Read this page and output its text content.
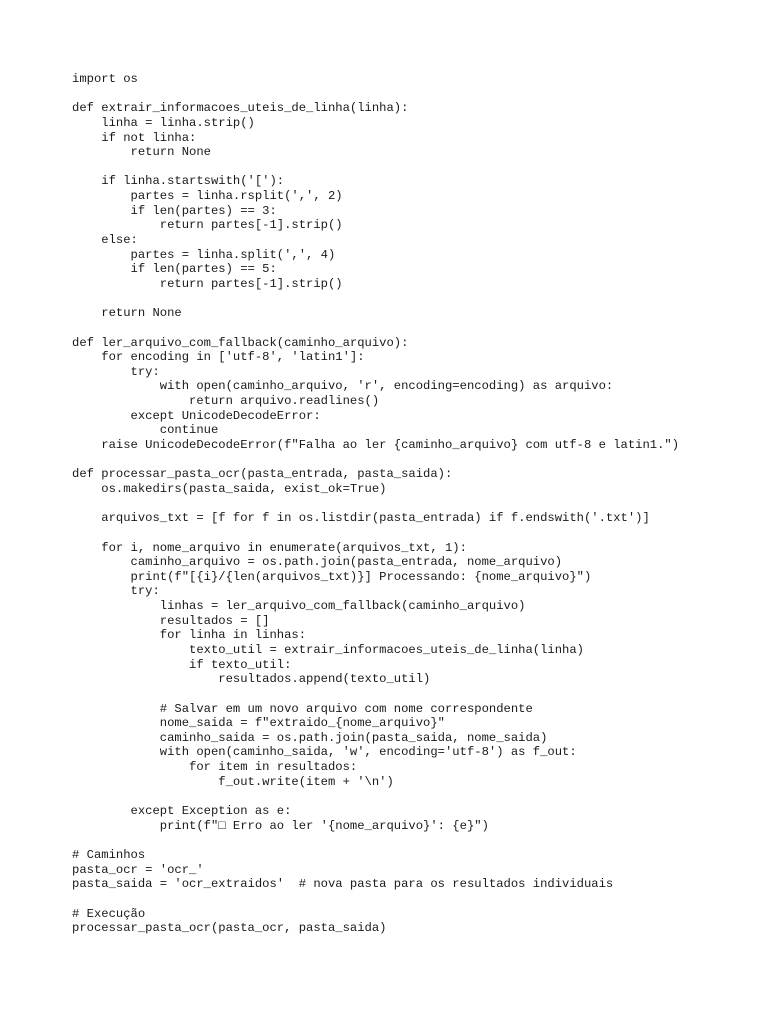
import os
def extrair_informacoes_uteis_de_linha(linha):
linha = linha.strip()
if not linha:
return None
if linha.startswith('['):
partes = linha.rsplit(',', 2)
if len(partes) == 3:
return partes[-1].strip()
else:
partes = linha.split(',', 4)
if len(partes) == 5:
return partes[-1].strip()
return None
def ler_arquivo_com_fallback(caminho_arquivo):
for encoding in ['utf-8', 'latin1']:
try:
with open(caminho_arquivo, 'r', encoding=encoding) as arquivo:
return arquivo.readlines()
except UnicodeDecodeError:
continue
raise UnicodeDecodeError(f"Falha ao ler {caminho_arquivo} com utf-8 e latin1.")
def processar_pasta_ocr(pasta_entrada, pasta_saida):
os.makedirs(pasta_saida, exist_ok=True)
arquivos_txt = [f for f in os.listdir(pasta_entrada) if f.endswith('.txt')]
for i, nome_arquivo in enumerate(arquivos_txt, 1):
caminho_arquivo = os.path.join(pasta_entrada, nome_arquivo)
print(f"[{i}/{len(arquivos_txt)}] Processando: {nome_arquivo}")
try:
linhas = ler_arquivo_com_fallback(caminho_arquivo)
resultados = []
for linha in linhas:
texto_util = extrair_informacoes_uteis_de_linha(linha)
if texto_util:
resultados.append(texto_util)
# Salvar em um novo arquivo com nome correspondente
nome_saida = f"extraido_{nome_arquivo}"
caminho_saida = os.path.join(pasta_saida, nome_saida)
with open(caminho_saida, 'w', encoding='utf-8') as f_out:
for item in resultados:
f_out.write(item + '\n')
except Exception as e:
print(f"□ Erro ao ler '{nome_arquivo}': {e}")
# Caminhos
pasta_ocr = 'ocr_'
pasta_saida = 'ocr_extraidos'  # nova pasta para os resultados individuais
# Execução
processar_pasta_ocr(pasta_ocr, pasta_saida)
